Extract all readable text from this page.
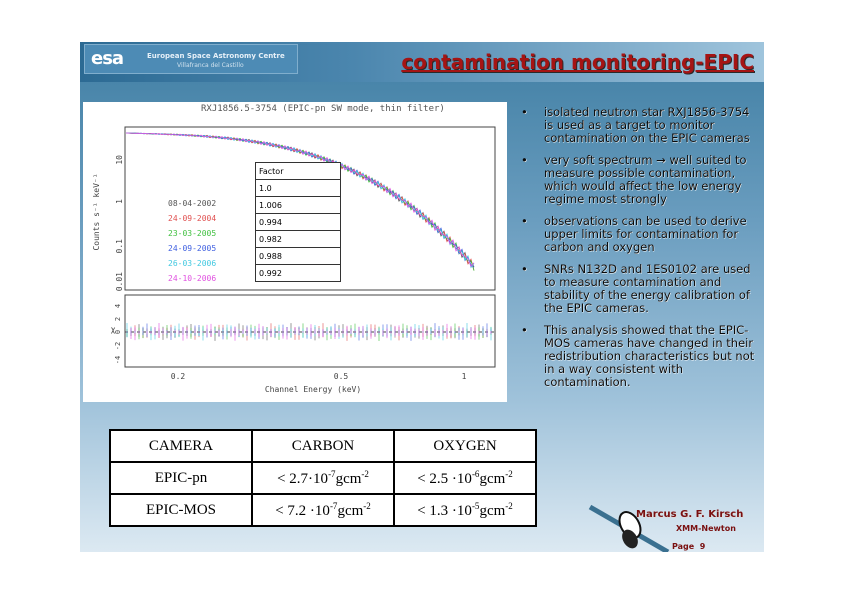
esa	European Space Astronomy Centre
Villafranca del Castillo	contamination monitoring-EPIC
10
1
0.1
0.01
4
2
0
-2
-4
0.2	0.5	1
Counts s⁻¹ keV⁻¹
χ
Channel Energy (keV)
RXJ1856.5-3754 (EPIC-pn SW mode, thin filter)
Factor
1.0
1.006
0.994
0.982
0.988
0.992
08-04-2002
24-09-2004
23-03-2005
24-09-2005
26-03-2006
24-10-2006
CAMERA	CARBON	OXYGEN
EPIC-pn	< $2.7\cdot 10^{-7}gcm^{-2}$	< $2.5 \cdot 10^{-6}gcm^{-2}$
EPIC-MOS	< $7.2 \cdot 10^{-7}gcm^{-2}$	< $1.3 \cdot 10^{-5}gcm^{-2}$
• isolated neutron star RXJ1856-3754 is used as a target to monitor contamination on the EPIC cameras
• very soft spectrum → well suited to measure possible contamination, which would affect the low energy regime most strongly
• observations can be used to derive upper limits for contamination for carbon and oxygen
• SNRs N132D and 1ES0102 are used to measure contamination and stability of the energy calibration of the EPIC cameras.
• This analysis showed that the EPIC-MOS cameras have changed in their redistribution characteristics but not in a way consistent with contamination.
Marcus G. F. Kirsch
XMM-Newton
Page 9
